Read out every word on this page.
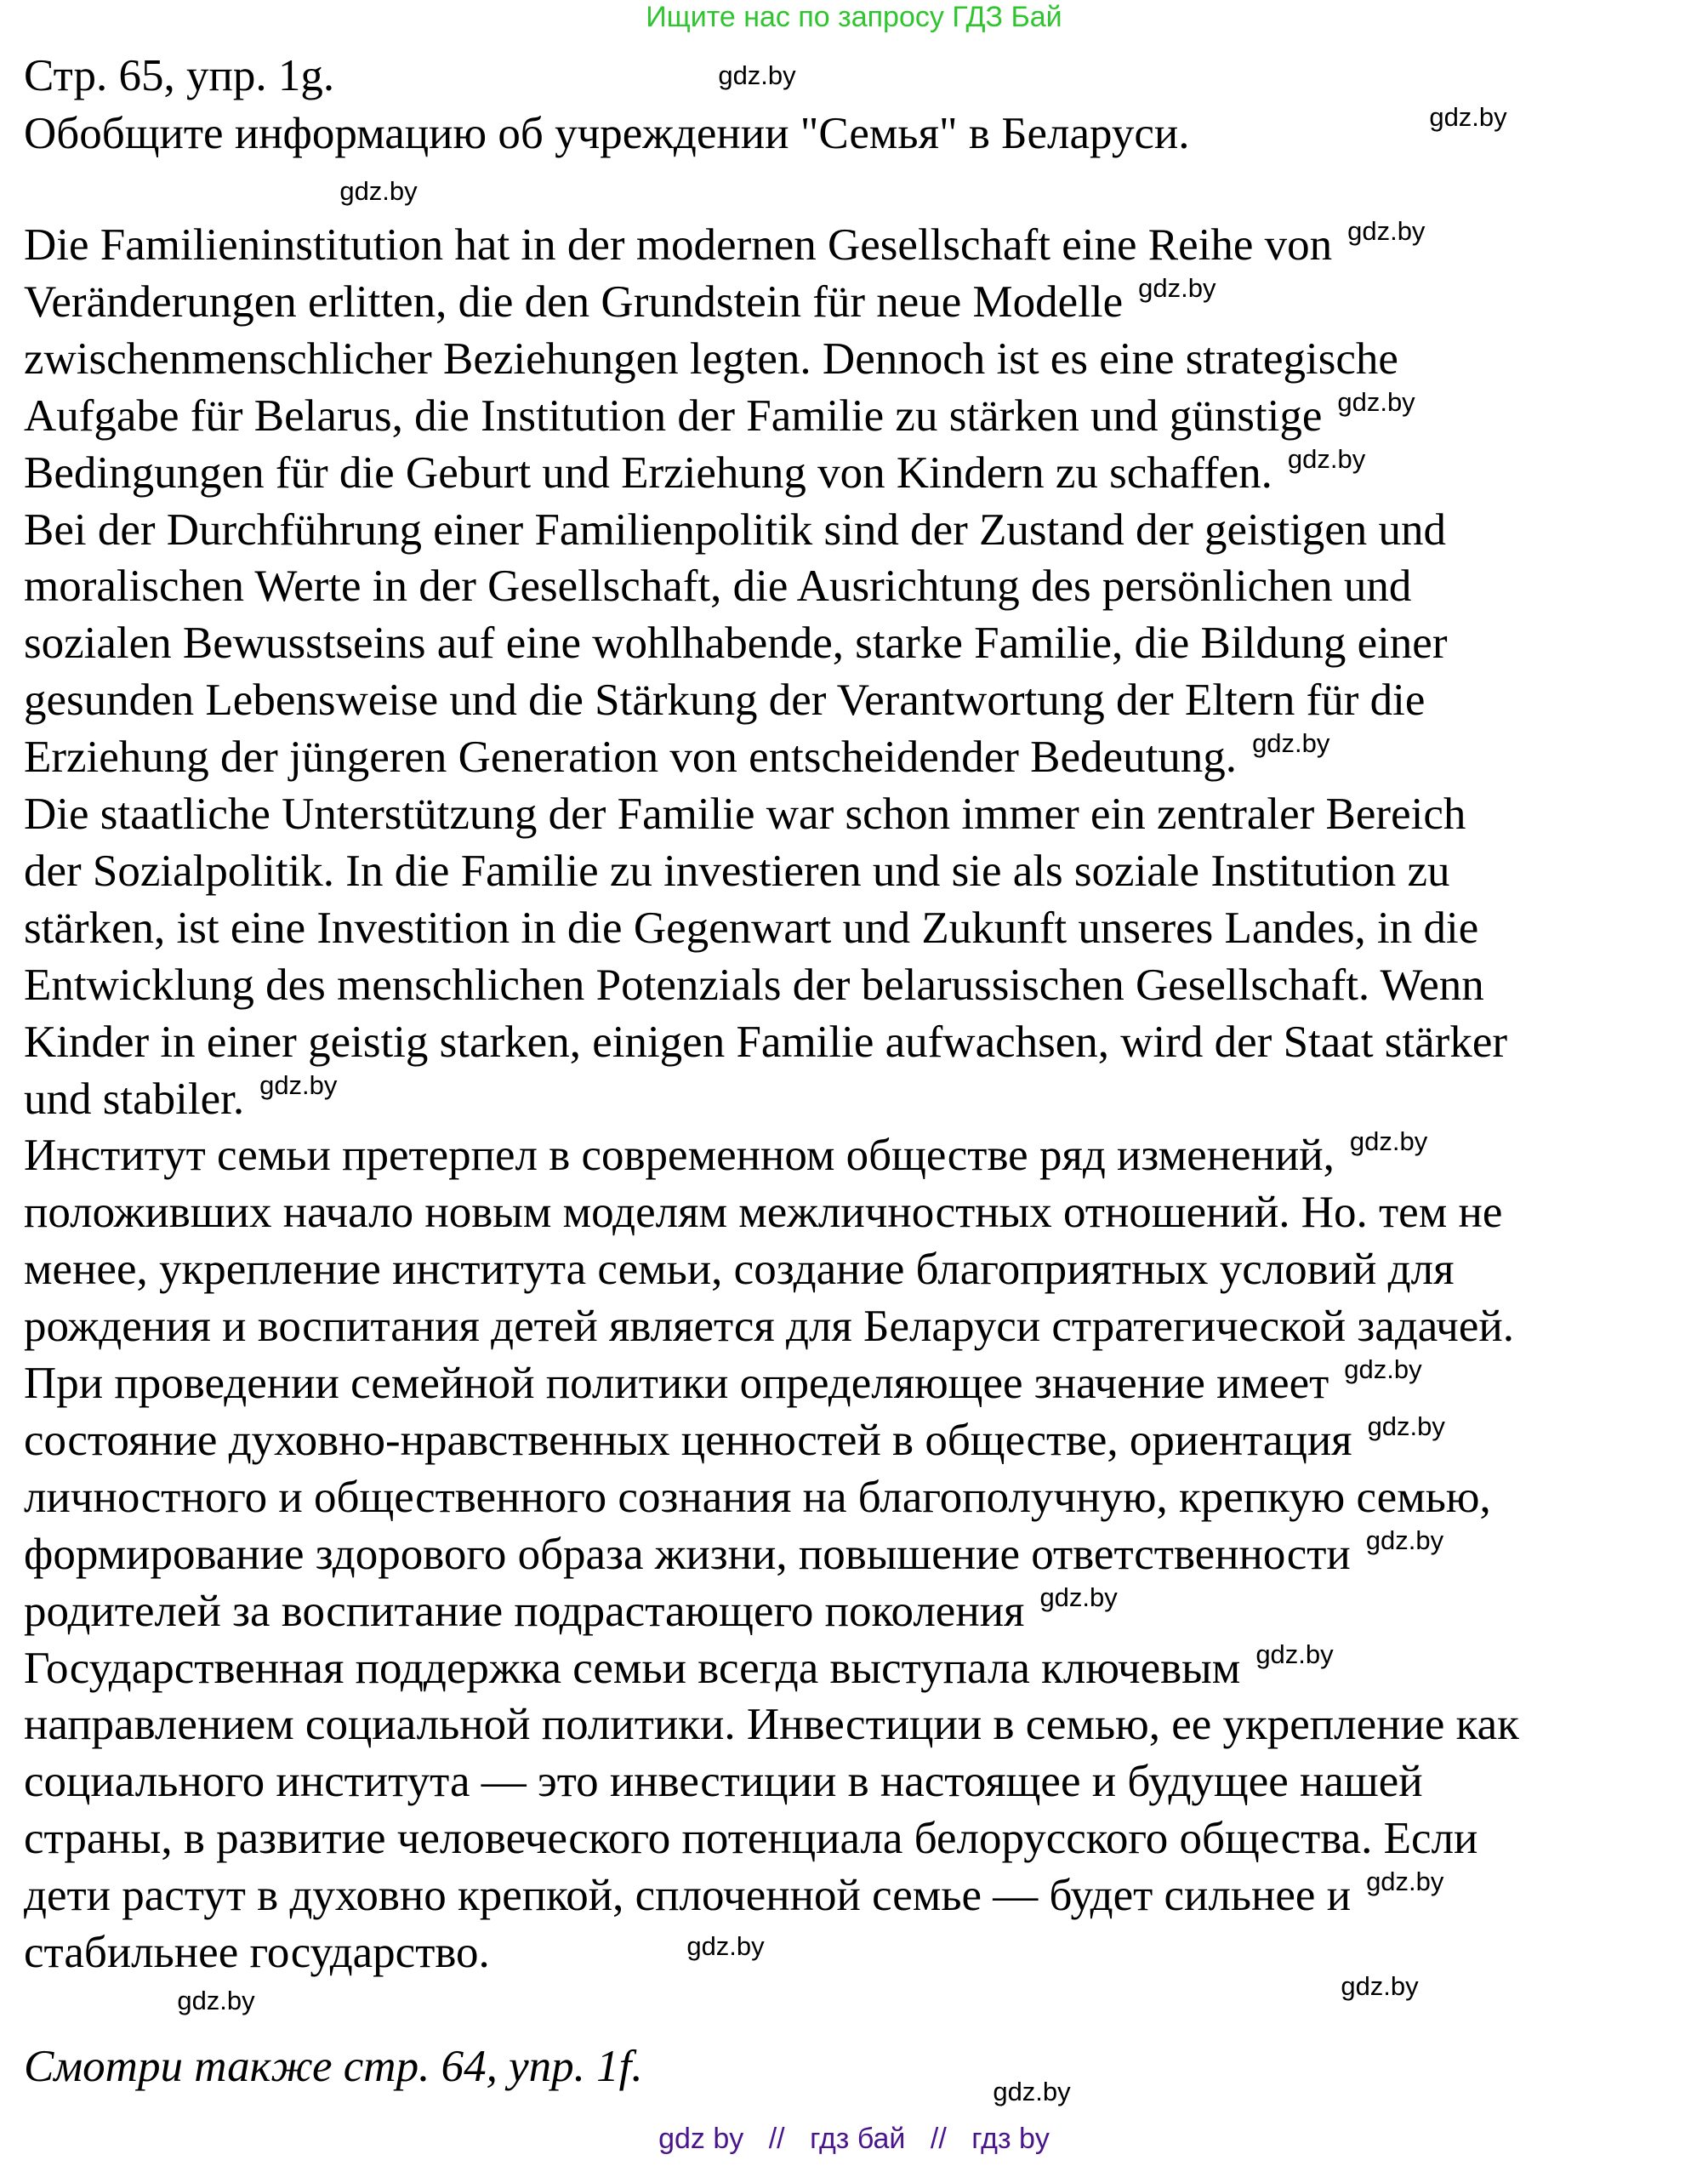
Ищите нас по запросу ГДЗ Бай
Стр. 65, упр. 1g.
Обобщите информацию об учреждении "Семья" в Беларуси.
Die Familieninstitution hat in der modernen Gesellschaft eine Reihe von $^{gdz.by}$
Veränderungen erlitten, die den Grundstein für neue Modelle $^{gdz.by}$
zwischenmenschlicher Beziehungen legten. Dennoch ist es eine strategische
Aufgabe für Belarus, die Institution der Familie zu stärken und günstige $^{gdz.by}$
Bedingungen für die Geburt und Erziehung von Kindern zu schaffen. $^{gdz.by}$
Bei der Durchführung einer Familienpolitik sind der Zustand der geistigen und
moralischen Werte in der Gesellschaft, die Ausrichtung des persönlichen und
sozialen Bewusstseins auf eine wohlhabende, starke Familie, die Bildung einer
gesunden Lebensweise und die Stärkung der Verantwortung der Eltern für die
Erziehung der jüngeren Generation von entscheidender Bedeutung. $^{gdz.by}$
Die staatliche Unterstützung der Familie war schon immer ein zentraler Bereich
der Sozialpolitik. In die Familie zu investieren und sie als soziale Institution zu
stärken, ist eine Investition in die Gegenwart und Zukunft unseres Landes, in die
Entwicklung des menschlichen Potenzials der belarussischen Gesellschaft. Wenn
Kinder in einer geistig starken, einigen Familie aufwachsen, wird der Staat stärker
und stabiler. $^{gdz.by}$
Институт семьи претерпел в современном обществе ряд изменений, $^{gdz.by}$
положивших начало новым моделям межличностных отношений. Но. тем не
менее, укрепление института семьи, создание благоприятных условий для
рождения и воспитания детей является для Беларуси стратегической задачей.
При проведении семейной политики определяющее значение имеет $^{gdz.by}$
состояние духовно-нравственных ценностей в обществе, ориентация $^{gdz.by}$
личностного и общественного сознания на благополучную, крепкую семью,
формирование здорового образа жизни, повышение ответственности $^{gdz.by}$
родителей за воспитание подрастающего поколения $^{gdz.by}$
Государственная поддержка семьи всегда выступала ключевым $^{gdz.by}$
направлением социальной политики. Инвестиции в семью, ее укрепление как
социального института — это инвестиции в настоящее и будущее нашей
страны, в развитие человеческого потенциала белорусского общества. Если
дети растут в духовно крепкой, сплоченной семье — будет сильнее и $^{gdz.by}$
стабильнее государство.
Смотри также стр. 64, упр. 1f.
gdz.by
gdz.by
gdz.by
gdz.by
gdz.by
gdz.by
gdz.by
gdz by // гдз бай // гдз by
